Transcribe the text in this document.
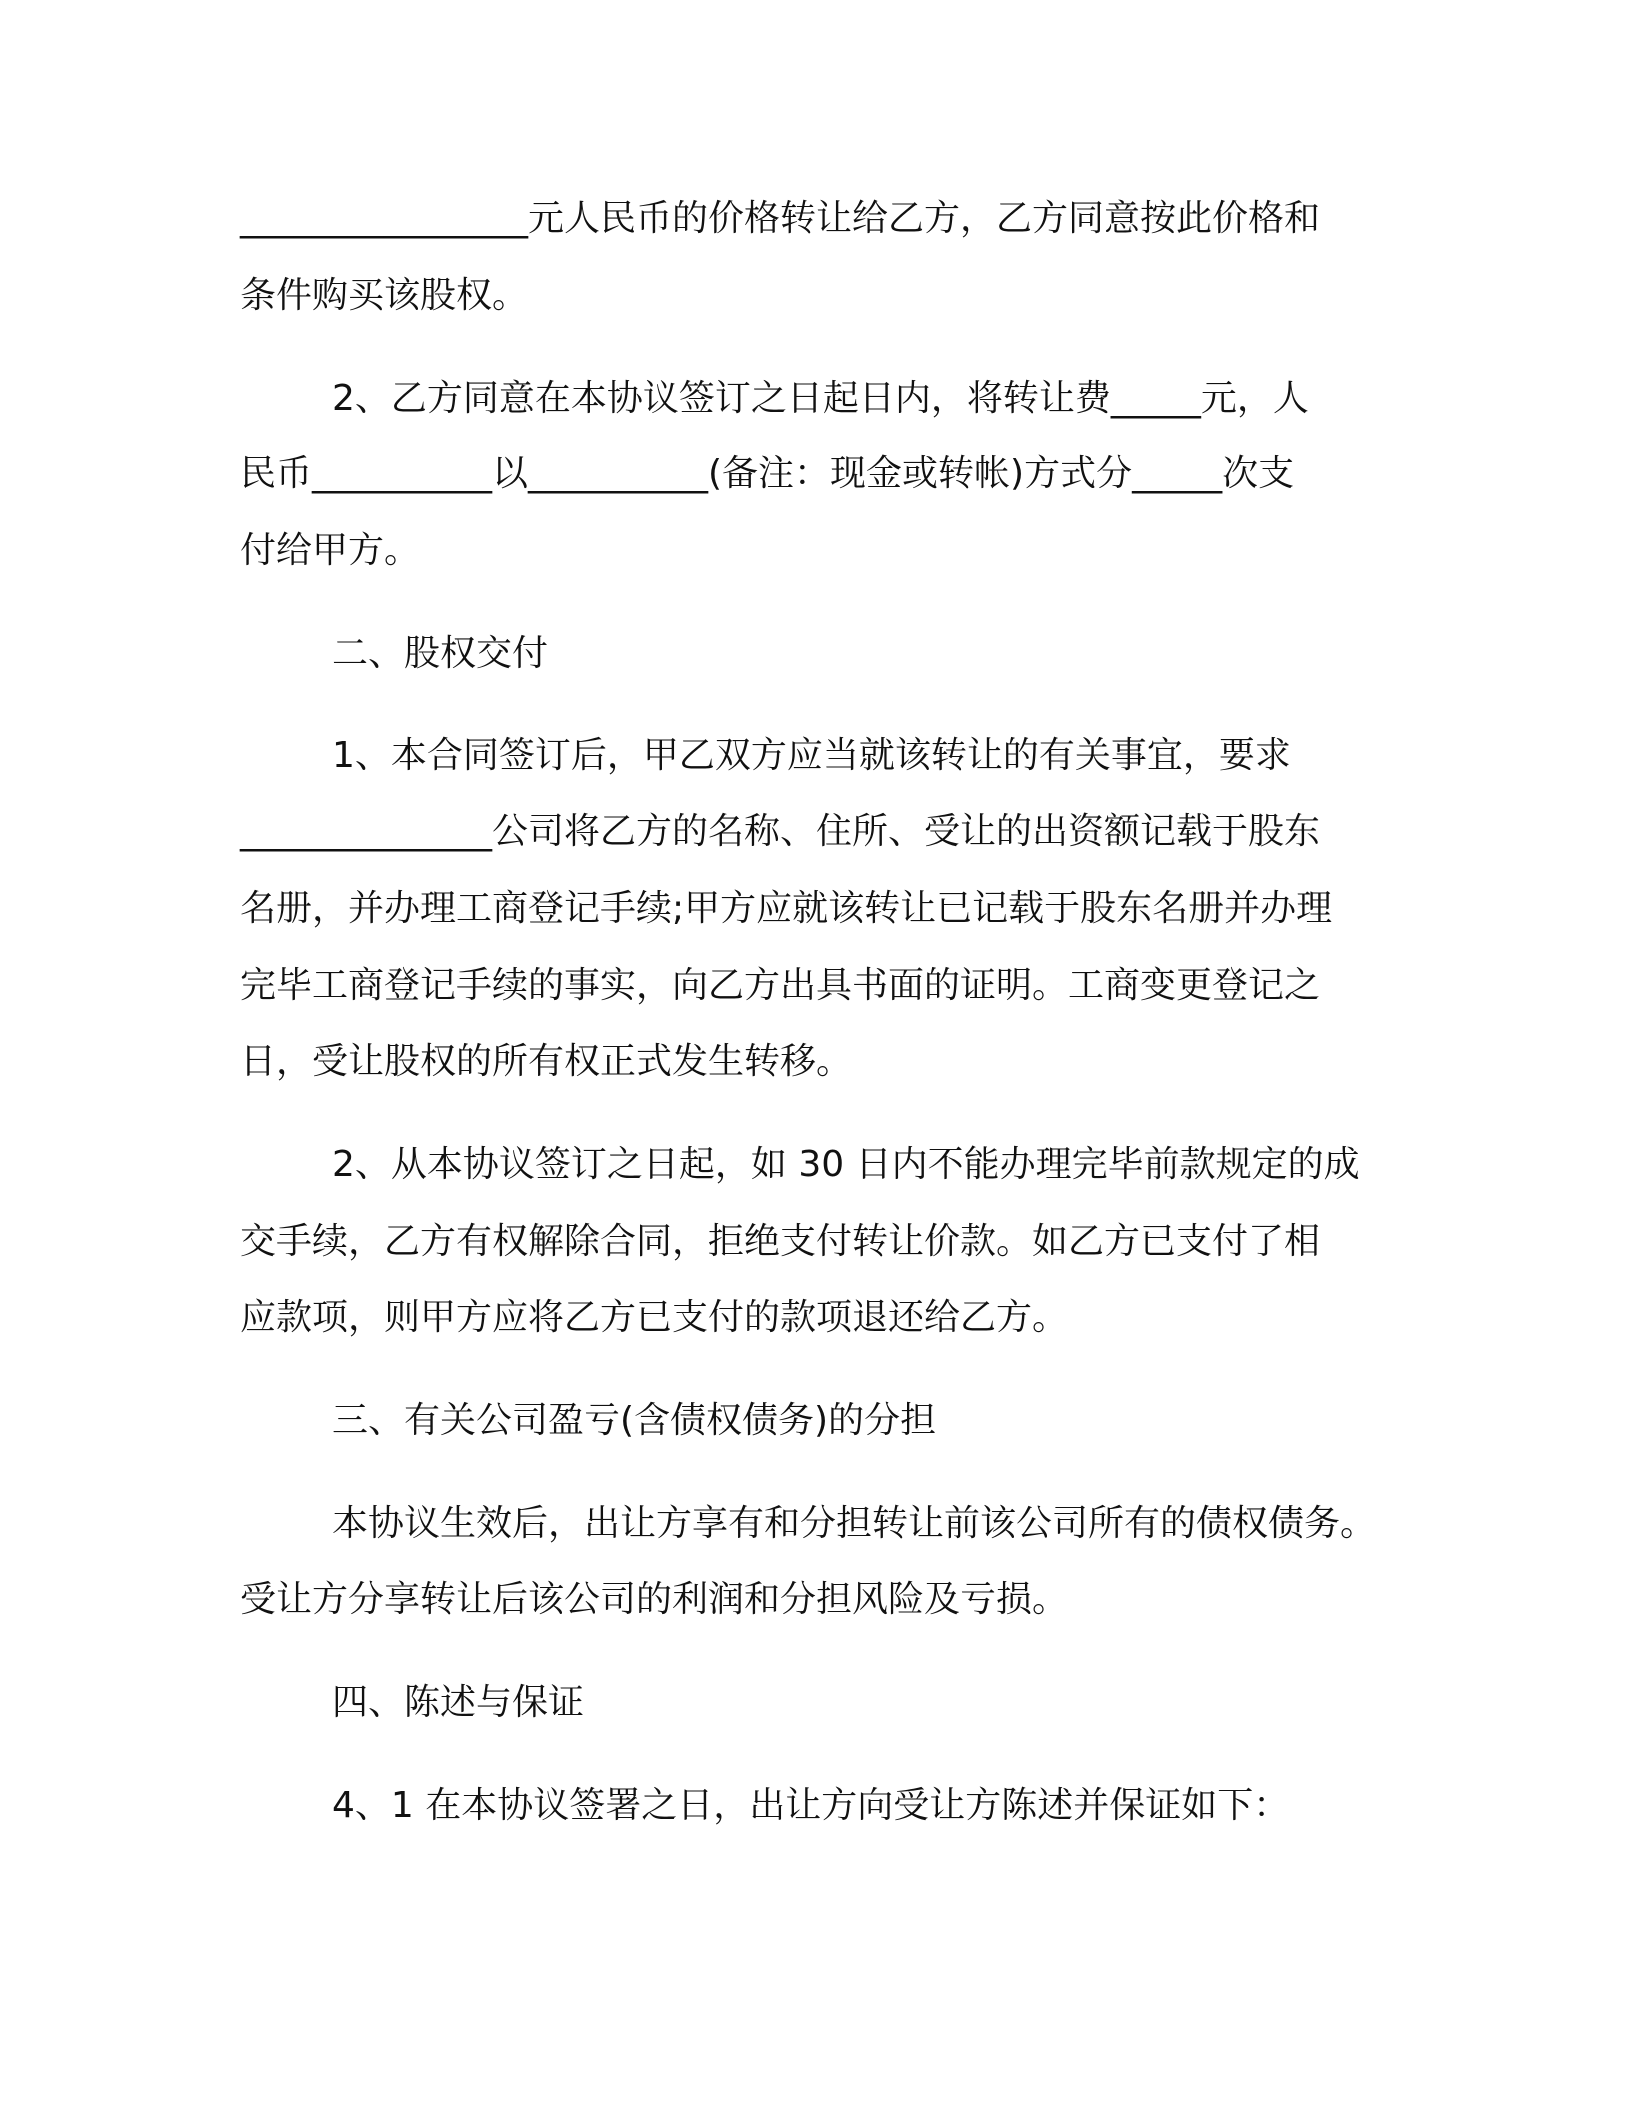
________________元人民币的价格转让给乙方，乙方同意按此价格和

条件购买该股权。

2、乙方同意在本协议签订之日起日内，将转让费_____元，人

民币__________以__________(备注：现金或转帐)方式分_____次支

付给甲方。

二、股权交付

1、本合同签订后，甲乙双方应当就该转让的有关事宜，要求

______________公司将乙方的名称、住所、受让的出资额记载于股东

名册，并办理工商登记手续;甲方应就该转让已记载于股东名册并办理

完毕工商登记手续的事实，向乙方出具书面的证明。工商变更登记之

日，受让股权的所有权正式发生转移。

2、从本协议签订之日起，如 30 日内不能办理完毕前款规定的成

交手续，乙方有权解除合同，拒绝支付转让价款。如乙方已支付了相

应款项，则甲方应将乙方已支付的款项退还给乙方。

三、有关公司盈亏(含债权债务)的分担

本协议生效后，出让方享有和分担转让前该公司所有的债权债务。

受让方分享转让后该公司的利润和分担风险及亏损。

四、陈述与保证

4、1 在本协议签署之日，出让方向受让方陈述并保证如下：
